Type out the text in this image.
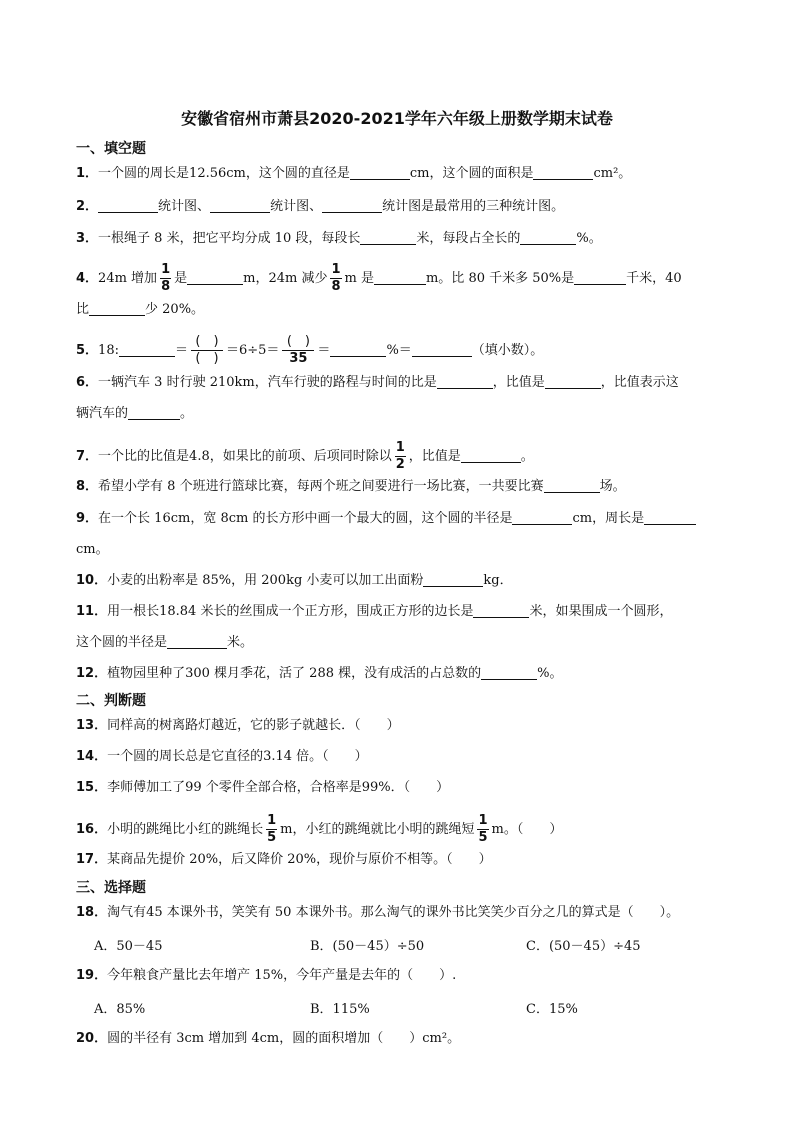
安徽省宿州市萧县2020-2021学年六年级上册数学期末试卷
一、填空题
1．一个圆的周长是12.56cm，这个圆的直径是	cm，这个圆的面积是	cm²。
2．	统计图、	统计图、	统计图是最常用的三种统计图。
3．一根绳子 8 米，把它平均分成 10 段，每段长	米，每段占全长的	%。
4．24m 增加 $\frac{1}{8}$ 是	m，24m 减少 $\frac{1}{8}$ m 是	m。比 80 千米多 50%是	千米，40
比	少 20%。
5．18:	＝ $\frac{( )}{( )} =6\div 5= \frac{( )}{35}$ ＝	%＝	（填小数）。
6．一辆汽车 3 时行驶 210km，汽车行驶的路程与时间的比是	，比值是	，比值表示这
辆汽车的	。
7．一个比的比值是4.8，如果比的前项、后项同时除以 $\frac{1}{2}$ ，比值是	。
8．希望小学有 8 个班进行篮球比赛，每两个班之间要进行一场比赛，一共要比赛	场。
9．在一个长 16cm，宽 8cm 的长方形中画一个最大的圆，这个圆的半径是	cm，周长是
cm。
10．小麦的出粉率是 85%，用 200kg 小麦可以加工出面粉	kg．
11．用一根长18.84 米长的丝围成一个正方形，围成正方形的边长是	米，如果围成一个圆形，
这个圆的半径是	米。
12．植物园里种了300 棵月季花，活了 288 棵，没有成活的占总数的	%。
二、判断题
13．同样高的树离路灯越近，它的影子就越长．（　　）
14．一个圆的周长总是它直径的3.14 倍。（　　）
15．李师傅加工了99 个零件全部合格，合格率是99%．（　　）
16．小明的跳绳比小红的跳绳长 $\frac{1}{5}$ m，小红的跳绳就比小明的跳绳短 $\frac{1}{5}$ m。（　　）
17．某商品先提价 20%，后又降价 20%，现价与原价不相等。（　　）
三、选择题
18．淘气有45 本课外书，笑笑有 50 本课外书。那么淘气的课外书比笑笑少百分之几的算式是（　　）。
A．50－45	B．(50－45）÷50	C．(50－45）÷45
19．今年粮食产量比去年增产 15%，今年产量是去年的（　　）.
A．85%	B．115%	C．15%
20．圆的半径有 3cm 增加到 4cm，圆的面积增加（　　）cm²。
